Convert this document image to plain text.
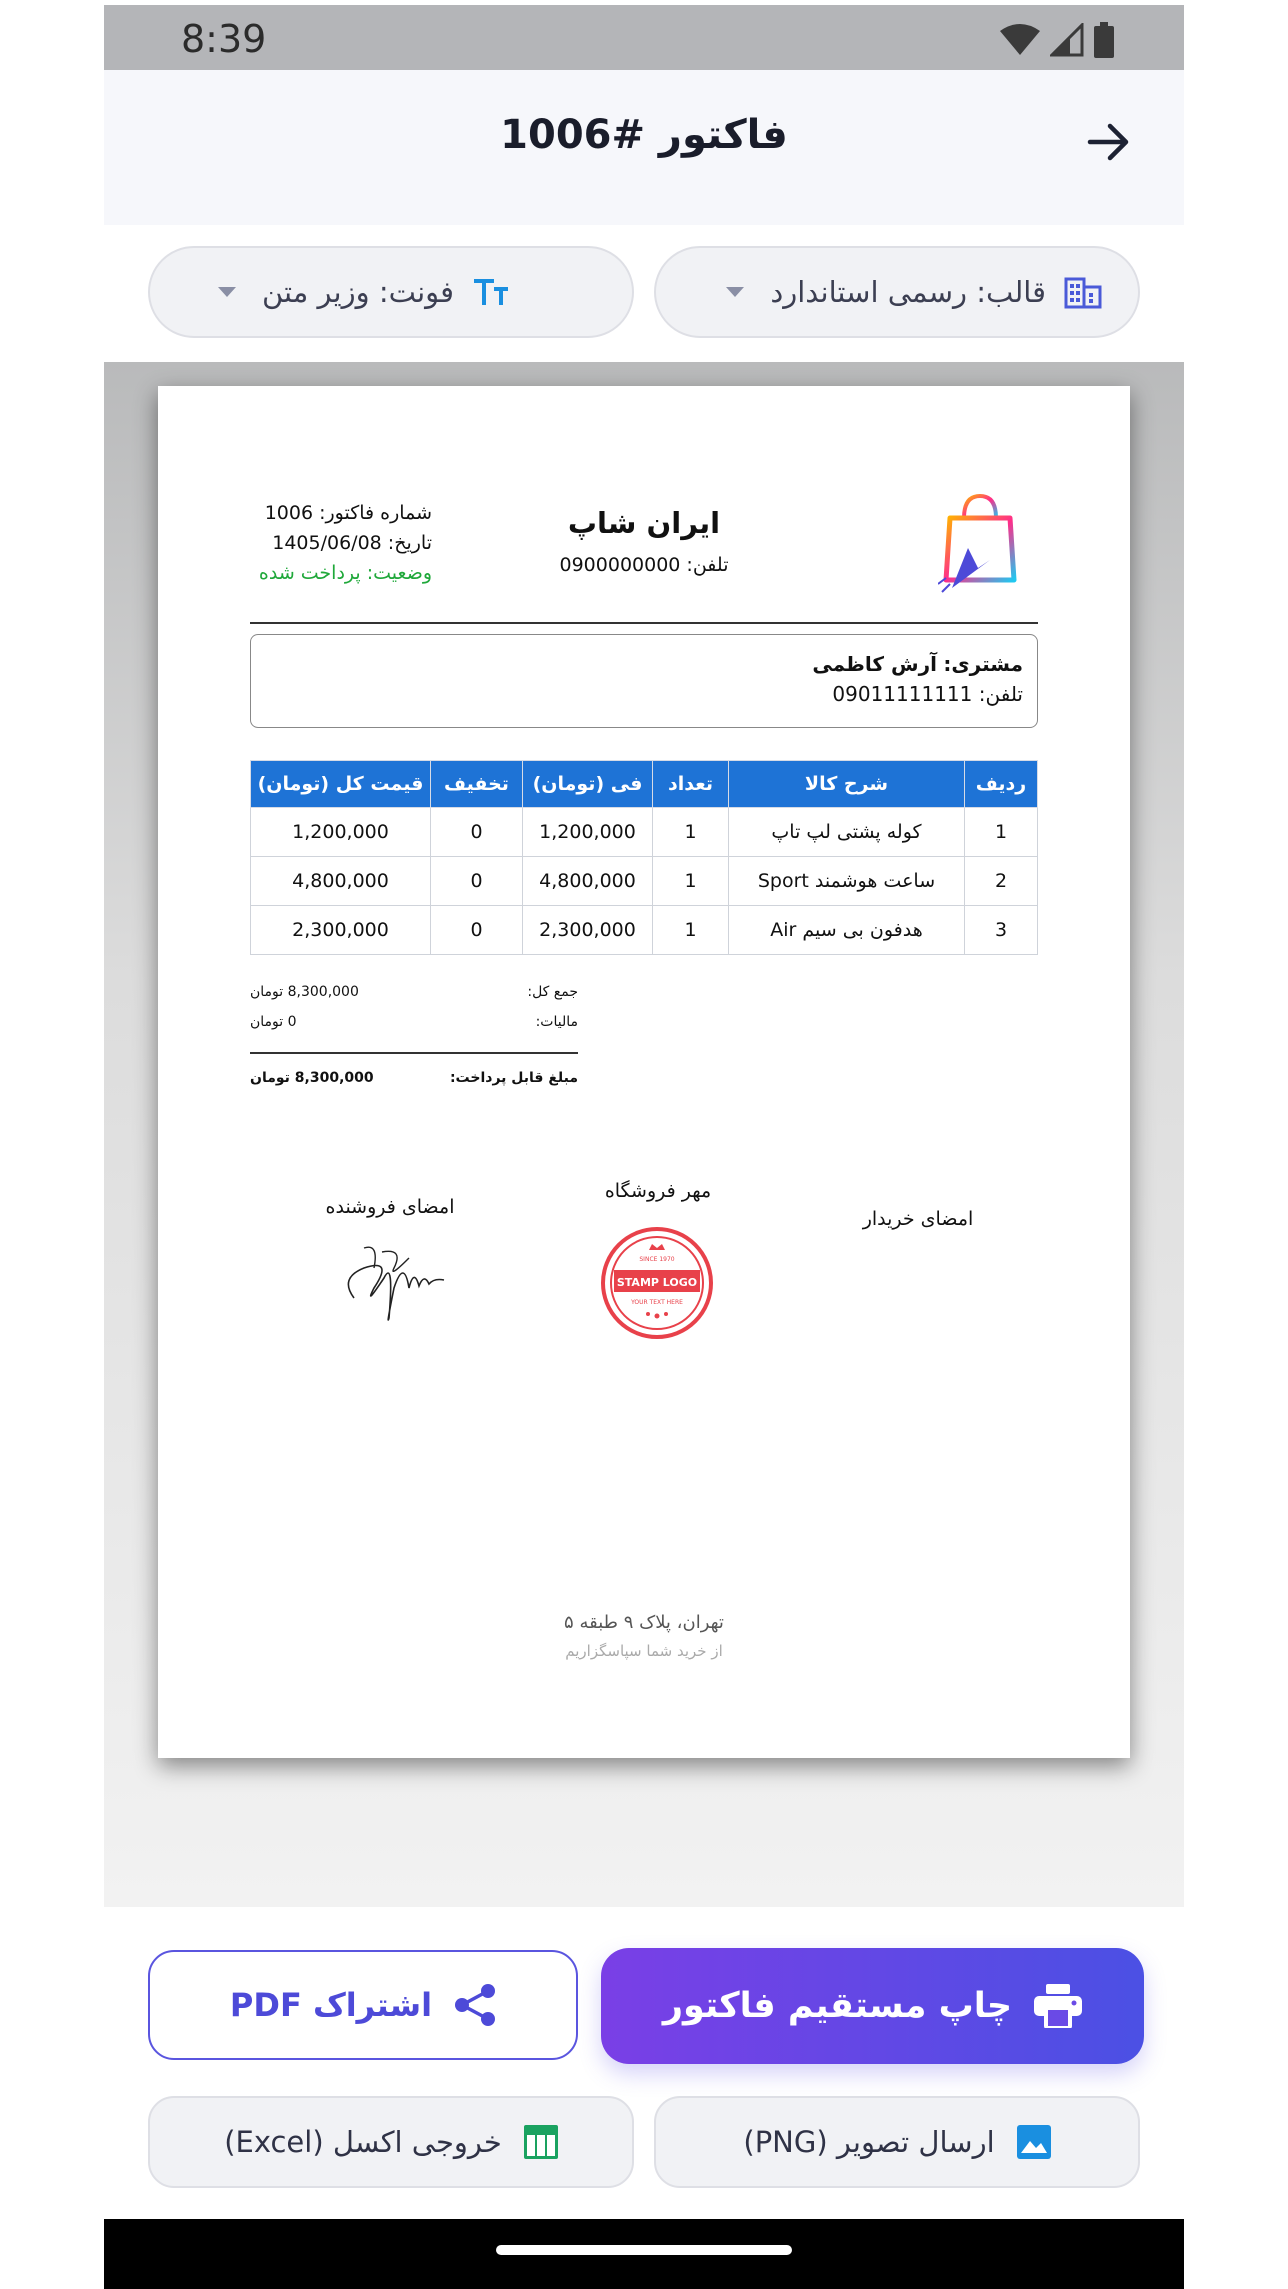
8:39
فاکتور #1006
قالب: رسمی استاندارد
فونت: وزیر متن
ایران شاپ
تلفن: 0900000000
شماره فاکتور: 1006
تاریخ: 1405/06/08
وضعیت: پرداخت شده
مشتری: آرش کاظمی
تلفن: 09011111111
ردیف	شرح کالا	تعداد	فی (تومان)	تخفیف	قیمت کل (تومان)
1	کوله پشتی لپ تاپ	1	1,200,000	0	1,200,000
2	ساعت هوشمند Sport	1	4,800,000	0	4,800,000
3	هدفون بی سیم Air	1	2,300,000	0	2,300,000
جمع کل:
8,300,000 تومان
مالیات:
0 تومان
مبلغ قابل پرداخت:
8,300,000 تومان
امضای خریدار
مهر فروشگاه
امضای فروشنده
SINCE 1970
STAMP LOGO
YOUR TEXT HERE
تهران، پلاک ۹ طبقه ۵
از خرید شما سپاسگزاریم
چاپ مستقیم فاکتور
اشتراک PDF
ارسال تصویر (PNG)
خروجی اکسل (Excel)
